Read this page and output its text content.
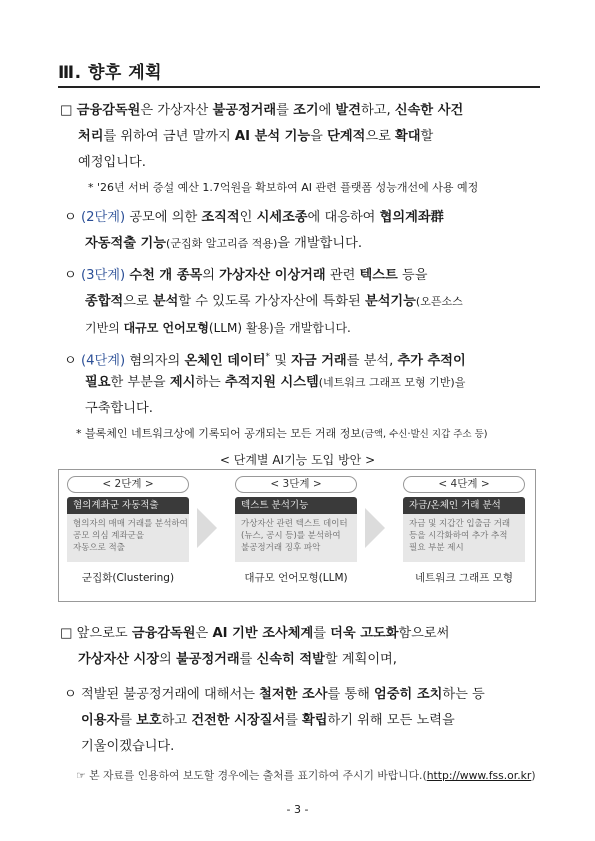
Ⅲ. 향후 계획
□ 금융감독원은 가상자산 불공정거래를 조기에 발견하고, 신속한 사건
처리를 위하여 금년 말까지 AI 분석 기능을 단계적으로 확대할
예정입니다.
* '26년 서버 증설 예산 1.7억원을 확보하여 AI 관련 플랫폼 성능개선에 사용 예정
ㅇ (2단계) 공모에 의한 조직적인 시세조종에 대응하여 협의계좌群
자동적출 기능(군집화 알고리즘 적용)을 개발합니다.
ㅇ (3단계) 수천 개 종목의 가상자산 이상거래 관련 텍스트 등을
종합적으로 분석할 수 있도록 가상자산에 특화된 분석기능(오픈소스
기반의 대규모 언어모형(LLM) 활용)을 개발합니다.
ㅇ (4단계) 혐의자의 온체인 데이터* 및 자금 거래를 분석, 추가 추적이
필요한 부분을 제시하는 추적지원 시스템(네트워크 그래프 모형 기반)을
구축합니다.
* 블록체인 네트워크상에 기록되어 공개되는 모든 거래 정보(금액, 수신·발신 지갑 주소 등)
< 단계별 AI기능 도입 방안 >
< 2단계 >
혐의계좌군 자동적출
혐의자의 매매 거래를 분석하여
공모 의심 계좌군을
자동으로 적출
군집화(Clustering)
< 3단계 >
텍스트 분석기능
가상자산 관련 텍스트 데이터
(뉴스, 공시 등)를 분석하여
불공정거래 징후 파악
대규모 언어모형(LLM)
< 4단계 >
자금/온체인 거래 분석
자금 및 지갑간 입출금 거래
등을 시각화하여 추가 추적
필요 부분 제시
네트워크 그래프 모형
□ 앞으로도 금융감독원은 AI 기반 조사체계를 더욱 고도화함으로써
가상자산 시장의 불공정거래를 신속히 적발할 계획이며,
ㅇ 적발된 불공정거래에 대해서는 철저한 조사를 통해 엄중히 조치하는 등
이용자를 보호하고 건전한 시장질서를 확립하기 위해 모든 노력을
기울이겠습니다.
☞ 본 자료를 인용하여 보도할 경우에는 출처를 표기하여 주시기 바랍니다.(http://www.fss.or.kr)
- 3 -
